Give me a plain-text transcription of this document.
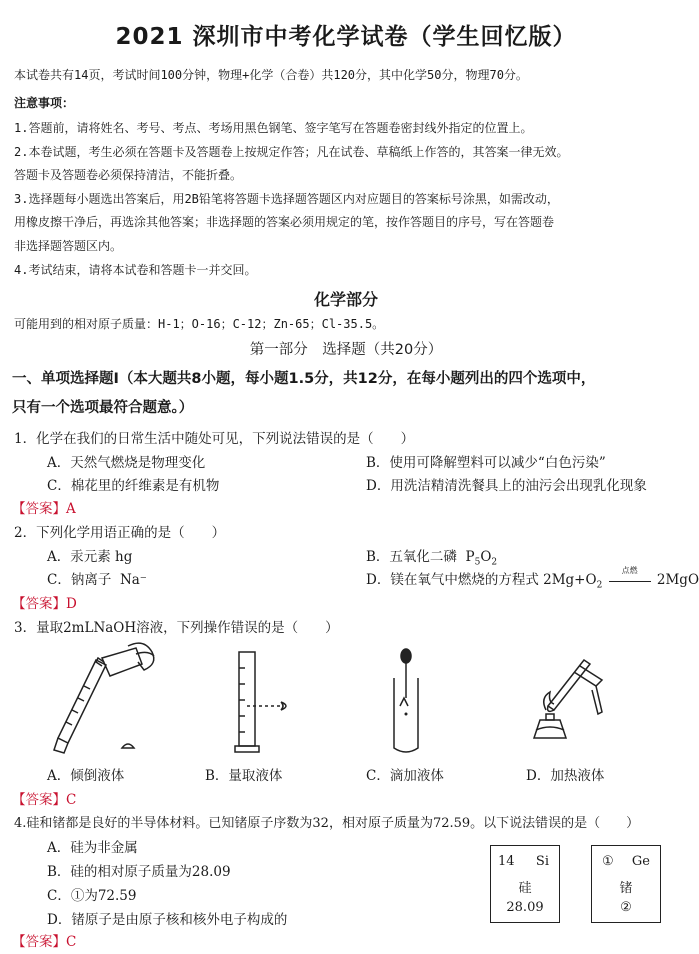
2021 深圳市中考化学试卷（学生回忆版）
本试卷共有14页，考试时间100分钟，物理+化学（合卷）共120分，其中化学50分，物理70分。
注意事项：
1.答题前，请将姓名、考号、考点、考场用黑色钢笔、签字笔写在答题卷密封线外指定的位置上。
2.本卷试题，考生必须在答题卡及答题卷上按规定作答；凡在试卷、草稿纸上作答的，其答案一律无效。
答题卡及答题卷必须保持清洁，不能折叠。
3.选择题每小题选出答案后，用2B铅笔将答题卡选择题答题区内对应题目的答案标号涂黑，如需改动，
用橡皮擦干净后，再选涂其他答案；非选择题的答案必须用规定的笔，按作答题目的序号，写在答题卷
非选择题答题区内。
4.考试结束，请将本试卷和答题卡一并交回。
化学部分
可能用到的相对原子质量：H-1；O-16；C-12；Zn-65；Cl-35.5。
第一部分　选择题（共20分）
一、单项选择题Ⅰ（本大题共8小题，每小题1.5分，共12分，在每小题列出的四个选项中，
只有一个选项最符合题意。）
1．化学在我们的日常生活中随处可见，下列说法错误的是（　　）
A．天然气燃烧是物理变化	B．使用可降解塑料可以减少“白色污染”
C．棉花里的纤维素是有机物	D．用洗洁精清洗餐具上的油污会出现乳化现象
【答案】A
2．下列化学用语正确的是（　　）
A．汞元素 hg	B．五氧化二磷 $P_5O_2$
C．钠离子 Na⁻	D．镁在氧气中燃烧的方程式 $2Mg+O_2$
点燃
2MgO
【答案】D
3．量取2mLNaOH溶液，下列操作错误的是（　　）
A．倾倒液体	B．量取液体	C．滴加液体	D．加热液体
【答案】C
4.硅和锗都是良好的半导体材料。已知锗原子序数为32，相对原子质量为72.59。以下说法错误的是（　　）
A．硅为非金属
B．硅的相对原子质量为28.09
C．①为72.59
D．锗原子是由原子核和核外电子构成的
【答案】C
14 Si
硅
28.09
① Ge
锗
②
